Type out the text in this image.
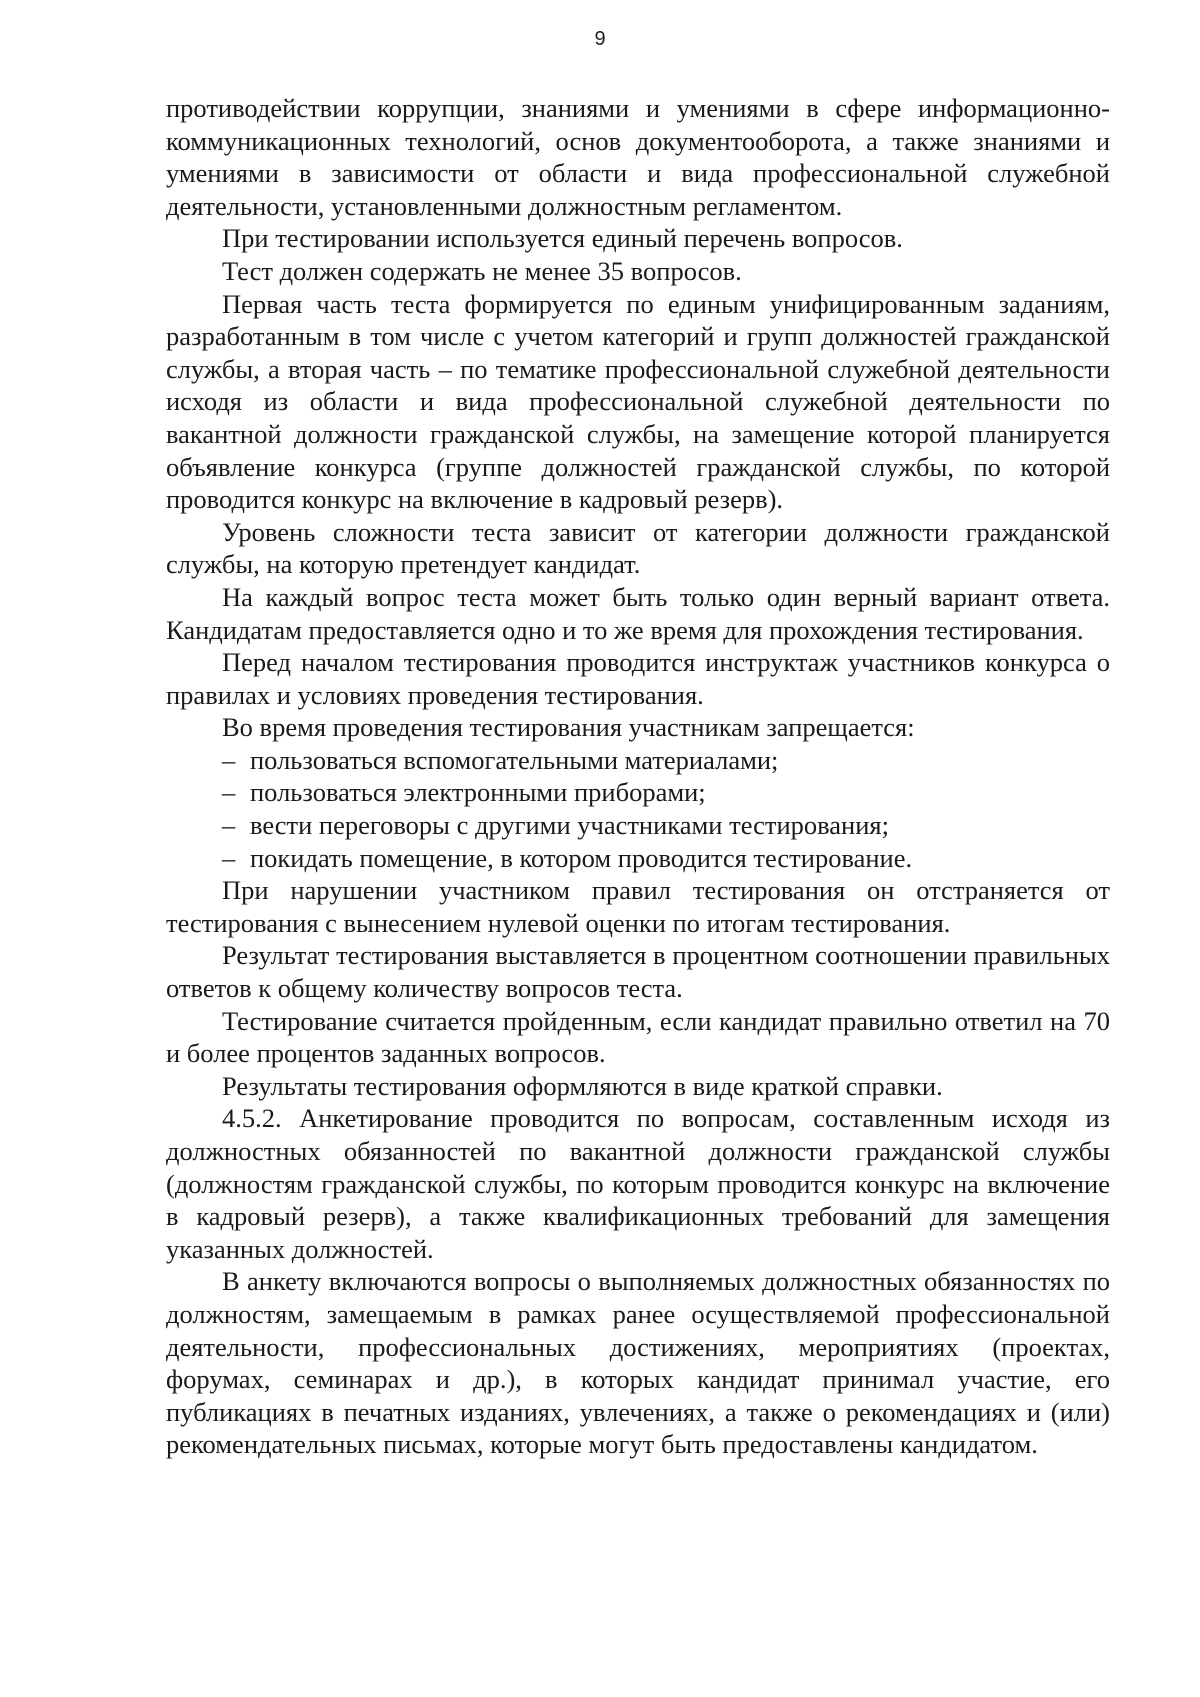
9

противодействии коррупции, знаниями и умениями в сфере информационно-коммуникационных технологий, основ документооборота, а также знаниями и умениями в зависимости от области и вида профессиональной служебной деятельности, установленными должностным регламентом.

При тестировании используется единый перечень вопросов.

Тест должен содержать не менее 35 вопросов.

Первая часть теста формируется по единым унифицированным заданиям, разработанным в том числе с учетом категорий и групп должностей гражданской службы, а вторая часть – по тематике профессиональной служебной деятельности исходя из области и вида профессиональной служебной деятельности по вакантной должности гражданской службы, на замещение которой планируется объявление конкурса (группе должностей гражданской службы, по которой проводится конкурс на включение в кадровый резерв).

Уровень сложности теста зависит от категории должности гражданской службы, на которую претендует кандидат.

На каждый вопрос теста может быть только один верный вариант ответа. Кандидатам предоставляется одно и то же время для прохождения тестирования.

Перед началом тестирования проводится инструктаж участников конкурса о правилах и условиях проведения тестирования.

Во время проведения тестирования участникам запрещается:

– пользоваться вспомогательными материалами;
– пользоваться электронными приборами;
– вести переговоры с другими участниками тестирования;
– покидать помещение, в котором проводится тестирование.

При нарушении участником правил тестирования он отстраняется от тестирования с вынесением нулевой оценки по итогам тестирования.

Результат тестирования выставляется в процентном соотношении правильных ответов к общему количеству вопросов теста.

Тестирование считается пройденным, если кандидат правильно ответил на 70 и более процентов заданных вопросов.

Результаты тестирования оформляются в виде краткой справки.

4.5.2. Анкетирование проводится по вопросам, составленным исходя из должностных обязанностей по вакантной должности гражданской службы (должностям гражданской службы, по которым проводится конкурс на включение в кадровый резерв), а также квалификационных требований для замещения указанных должностей.

В анкету включаются вопросы о выполняемых должностных обязанностях по должностям, замещаемым в рамках ранее осуществляемой профессиональной деятельности, профессиональных достижениях, мероприятиях (проектах, форумах, семинарах и др.), в которых кандидат принимал участие, его публикациях в печатных изданиях, увлечениях, а также о рекомендациях и (или) рекомендательных письмах, которые могут быть предоставлены кандидатом.
